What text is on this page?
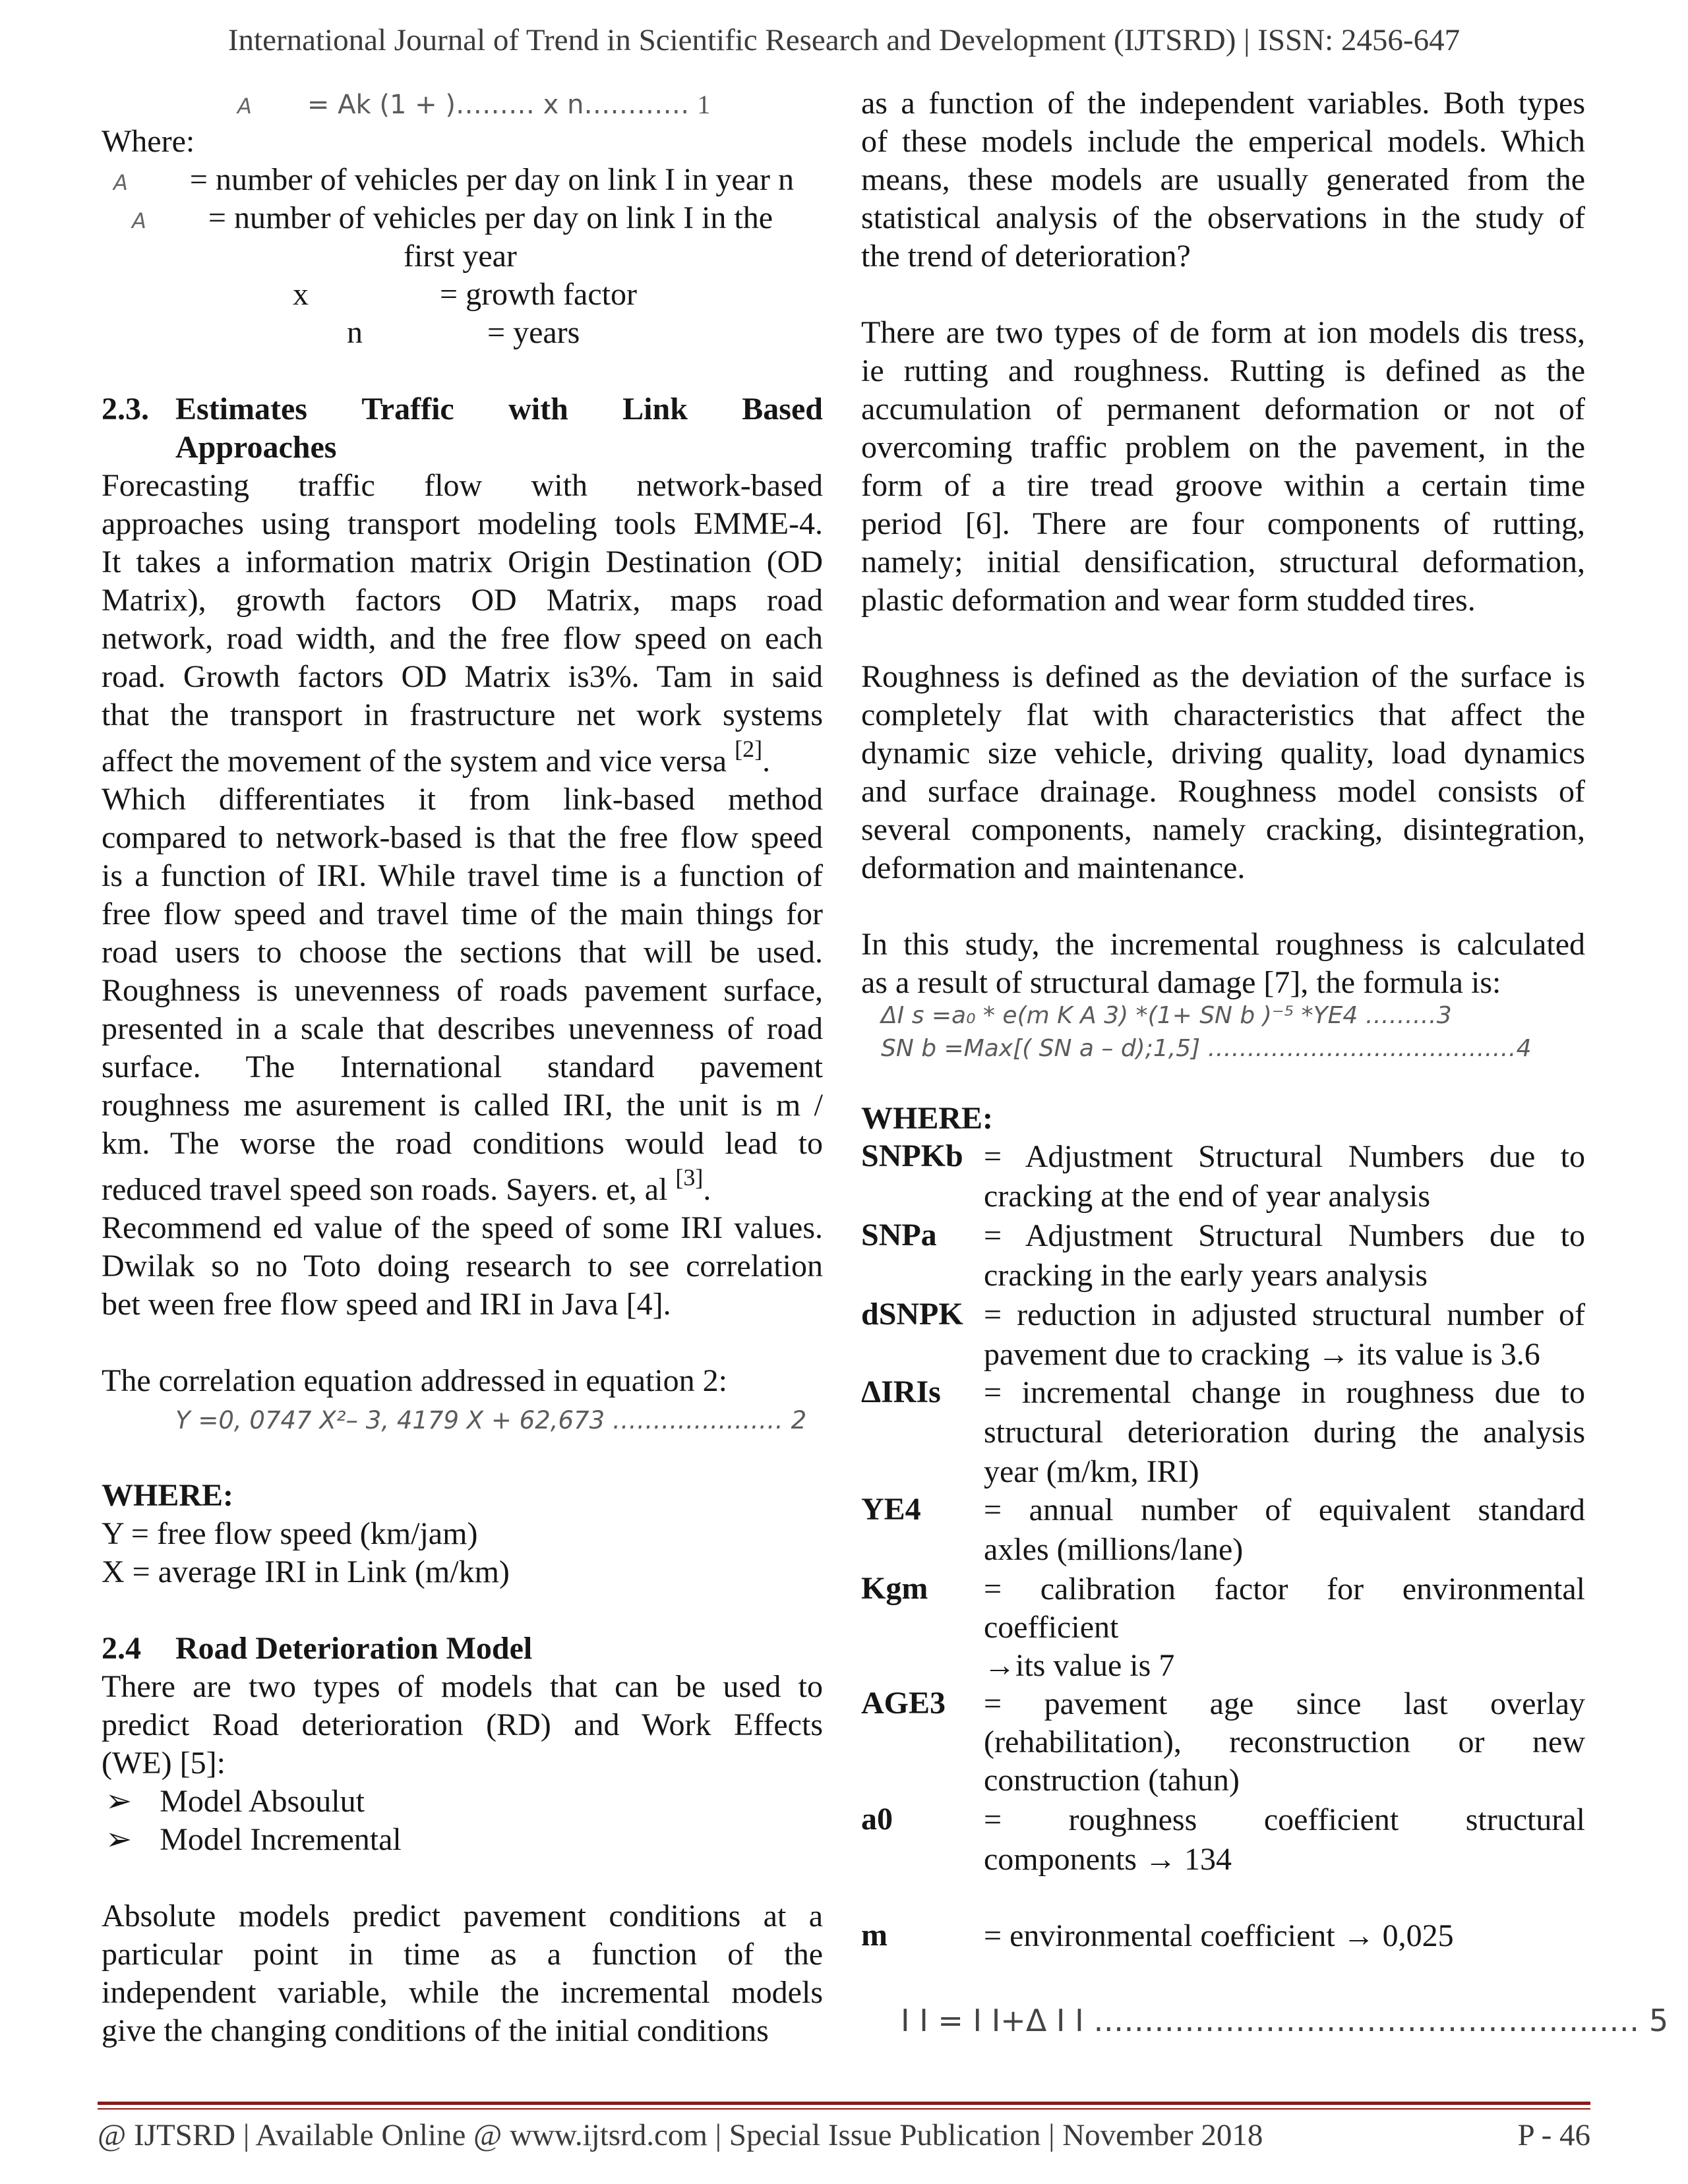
International Journal of Trend in Scientific Research and Development (IJTSRD) | ISSN: 2456-647
A = Ak (1 + )……… x n………… 1
Where:
A = number of vehicles per day on link I in year n
A = number of vehicles per day on link I in the
first year
x	= growth factor
n	= years
2.3. Estimates Traffic with Link Based
Approaches
Forecasting traffic flow with network-based
approaches using transport modeling tools EMME-4.
It takes a information matrix Origin Destination (OD
Matrix), growth factors OD Matrix, maps road
network, road width, and the free flow speed on each
road. Growth factors OD Matrix is3%. Tam in said
that the transport in frastructure net work systems
affect the movement of the system and vice versa [2].
Which differentiates it from link-based method
compared to network-based is that the free flow speed
is a function of IRI. While travel time is a function of
free flow speed and travel time of the main things for
road users to choose the sections that will be used.
Roughness is unevenness of roads pavement surface,
presented in a scale that describes unevenness of road
surface. The International standard pavement
roughness me asurement is called IRI, the unit is m /
km. The worse the road conditions would lead to
reduced travel speed son roads. Sayers. et, al [3].
Recommend ed value of the speed of some IRI values.
Dwilak so no Toto doing research to see correlation
bet ween free flow speed and IRI in Java [4].
The correlation equation addressed in equation 2:
Y =0, 0747 X²– 3, 4179 X + 62,673 ………………… 2
WHERE:
Y = free flow speed (km/jam)
X = average IRI in Link (m/km)
2.4 Road Deterioration Model
There are two types of models that can be used to
predict Road deterioration (RD) and Work Effects
(WE) [5]:
➢ Model Absoulut
➢ Model Incremental
Absolute models predict pavement conditions at a
particular point in time as a function of the
independent variable, while the incremental models
give the changing conditions of the initial conditions
as a function of the independent variables. Both types
of these models include the emperical models. Which
means, these models are usually generated from the
statistical analysis of the observations in the study of
the trend of deterioration?
There are two types of de form at ion models dis tress,
ie rutting and roughness. Rutting is defined as the
accumulation of permanent deformation or not of
overcoming traffic problem on the pavement, in the
form of a tire tread groove within a certain time
period [6]. There are four components of rutting,
namely; initial densification, structural deformation,
plastic deformation and wear form studded tires.
Roughness is defined as the deviation of the surface is
completely flat with characteristics that affect the
dynamic size vehicle, driving quality, load dynamics
and surface drainage. Roughness model consists of
several components, namely cracking, disintegration,
deformation and maintenance.
In this study, the incremental roughness is calculated
as a result of structural damage [7], the formula is:
ΔI s =a₀ * e(m K A 3) *(1+ SN b )⁻⁵ *YE4 ………3
SN b =Max[( SN a – d);1,5] …………………………………4
WHERE:
SNPKb = Adjustment Structural Numbers due to
cracking at the end of year analysis
SNPa = Adjustment Structural Numbers due to
cracking in the early years analysis
dSNPK = reduction in adjusted structural number of
pavement due to cracking → its value is 3.6
ΔIRIs = incremental change in roughness due to
structural deterioration during the analysis
year (m/km, IRI)
YE4 = annual number of equivalent standard
axles (millions/lane)
Kgm = calibration factor for environmental
coefficient
→its value is 7
AGE3 = pavement age since last overlay
(rehabilitation), reconstruction or new
construction (tahun)
a0	= roughness coefficient structural
components → 134
m	= environmental coefficient → 0,025
I I = I I+Δ I I ……………………………………………… 5
@ IJTSRD | Available Online @ www.ijtsrd.com | Special Issue Publication | November 2018	P - 46
